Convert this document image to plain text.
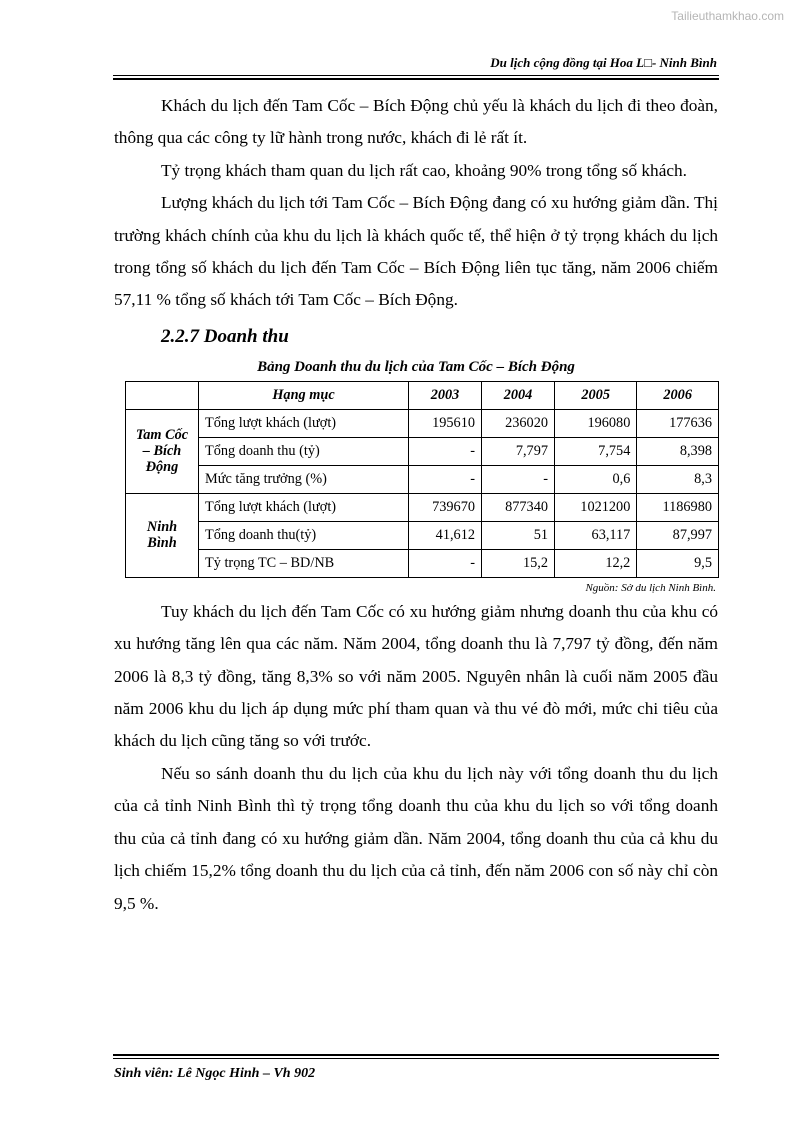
Tailieuthamkhao.com
Du lịch cộng đồng tại Hoa L□- Ninh Bình

Khách du lịch đến Tam Cốc – Bích Động chủ yếu là khách du lịch đi theo đoàn, thông qua các công ty lữ hành trong nước, khách đi lẻ rất ít.

Tỷ trọng khách tham quan du lịch rất cao, khoảng 90% trong tổng số khách.

Lượng khách du lịch tới Tam Cốc – Bích Động đang có xu hướng giảm dần. Thị trường khách chính của khu du lịch là khách quốc tế, thể hiện ở tỷ trọng khách du lịch trong tổng số khách du lịch đến Tam Cốc – Bích Động liên tục tăng, năm 2006 chiếm 57,11 % tổng số khách tới Tam Cốc – Bích Động.

2.2.7 Doanh thu

Bảng Doanh thu du lịch của Tam Cốc – Bích Động

	Hạng mục	2003	2004	2005	2006
Tam Cốc – Bích Động	Tổng lượt khách (lượt)	195610	236020	196080	177636
	Tổng doanh thu (tỷ)	-	7,797	7,754	8,398
	Mức tăng trưởng (%)	-	-	0,6	8,3
Ninh Bình	Tổng lượt khách (lượt)	739670	877340	1021200	1186980
	Tổng doanh thu(tỷ)	41,612	51	63,117	87,997
	Tỷ trọng TC – BD/NB	-	15,2	12,2	9,5

Nguồn: Sở du lịch Ninh Bình.

Tuy khách du lịch đến Tam Cốc có xu hướng giảm nhưng doanh thu của khu có xu hướng tăng lên qua các năm. Năm 2004, tổng doanh thu là 7,797 tỷ đồng, đến năm 2006 là 8,3 tỷ đồng, tăng 8,3% so với năm 2005. Nguyên nhân là cuối năm 2005 đầu năm 2006 khu du lịch áp dụng mức phí tham quan và thu vé đò mới, mức chi tiêu của khách du lịch cũng tăng so với trước.

Nếu so sánh doanh thu du lịch của khu du lịch này với tổng doanh thu du lịch của cả tỉnh Ninh Bình thì tỷ trọng tổng doanh thu của khu du lịch so với tổng doanh thu của cả tỉnh đang có xu hướng giảm dần. Năm 2004, tổng doanh thu của cả khu du lịch chiếm 15,2% tổng doanh thu du lịch của cả tỉnh, đến năm 2006 con số này chỉ còn 9,5 %.

Sinh viên: Lê Ngọc Hinh – Vh 902
